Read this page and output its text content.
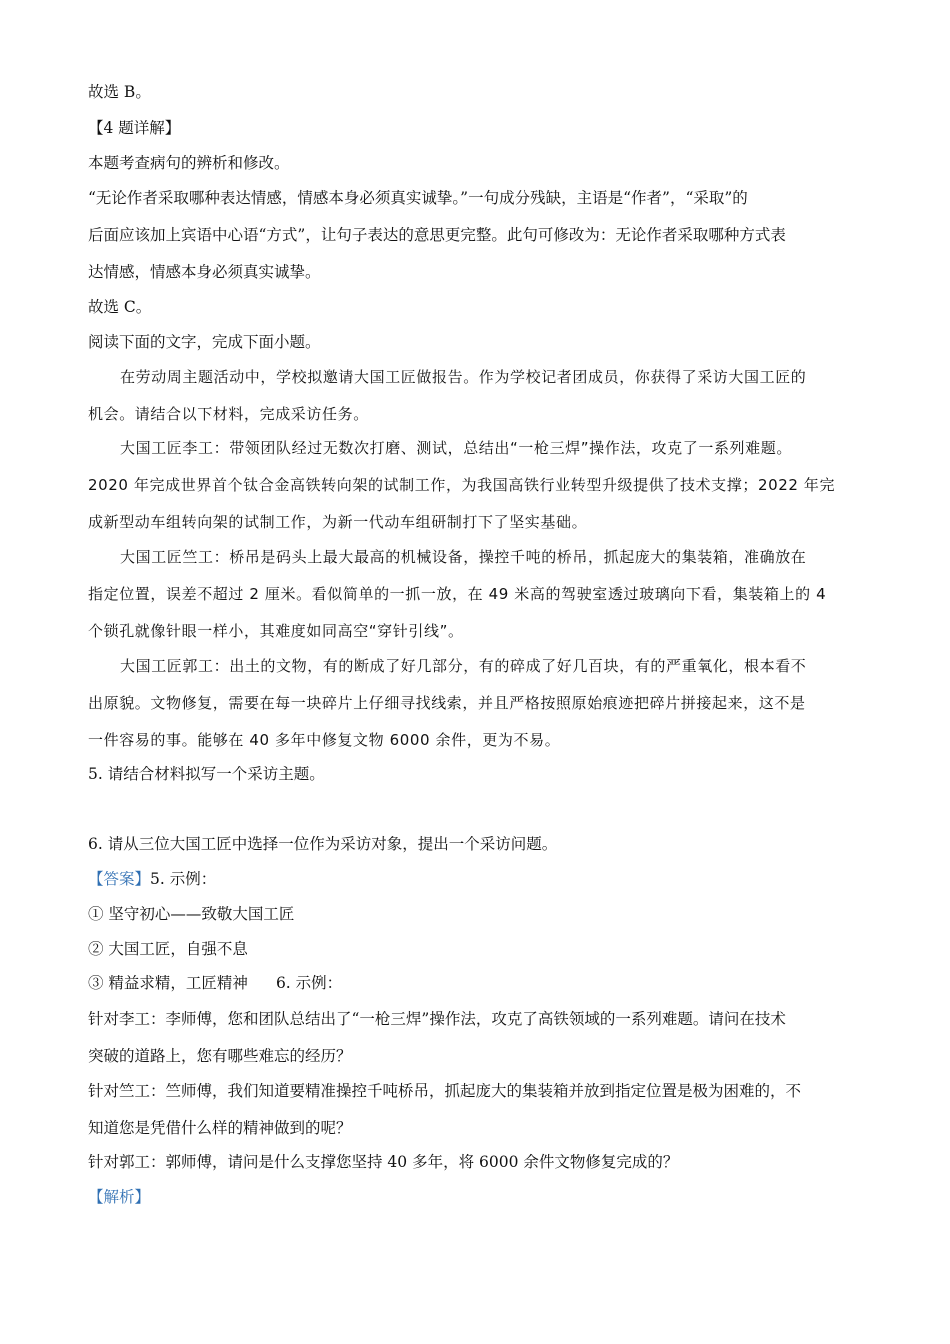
故选 B。
【4 题详解】
本题考查病句的辨析和修改。
“无论作者采取哪种表达情感，情感本身必须真实诚挚。”一句成分残缺，主语是“作者”，“采取”的
后面应该加上宾语中心语“方式”，让句子表达的意思更完整。此句可修改为：无论作者采取哪种方式表
达情感，情感本身必须真实诚挚。
故选 C。
阅读下面的文字，完成下面小题。
在劳动周主题活动中，学校拟邀请大国工匠做报告。作为学校记者团成员，你获得了采访大国工匠的
机会。请结合以下材料，完成采访任务。
大国工匠李工：带领团队经过无数次打磨、测试，总结出“一枪三焊”操作法，攻克了一系列难题。
2020 年完成世界首个钛合金高铁转向架的试制工作，为我国高铁行业转型升级提供了技术支撑；2022 年完
成新型动车组转向架的试制工作，为新一代动车组研制打下了坚实基础。
大国工匠竺工：桥吊是码头上最大最高的机械设备，操控千吨的桥吊，抓起庞大的集装箱，准确放在
指定位置，误差不超过 2 厘米。看似简单的一抓一放，在 49 米高的驾驶室透过玻璃向下看，集装箱上的 4
个锁孔就像针眼一样小，其难度如同高空“穿针引线”。
大国工匠郭工：出土的文物，有的断成了好几部分，有的碎成了好几百块，有的严重氧化，根本看不
出原貌。文物修复，需要在每一块碎片上仔细寻找线索，并且严格按照原始痕迹把碎片拼接起来，这不是
一件容易的事。能够在 40 多年中修复文物 6000 余件，更为不易。
5. 请结合材料拟写一个采访主题。
6. 请从三位大国工匠中选择一位作为采访对象，提出一个采访问题。
【答案】5. 示例：
① 坚守初心——致敬大国工匠
② 大国工匠，自强不息
③ 精益求精，工匠精神 6. 示例：
针对李工：李师傅，您和团队总结出了“一枪三焊”操作法，攻克了高铁领域的一系列难题。请问在技术
突破的道路上，您有哪些难忘的经历？
针对竺工：竺师傅，我们知道要精准操控千吨桥吊，抓起庞大的集装箱并放到指定位置是极为困难的，不
知道您是凭借什么样的精神做到的呢？
针对郭工：郭师傅，请问是什么支撑您坚持 40 多年，将 6000 余件文物修复完成的？
【解析】
